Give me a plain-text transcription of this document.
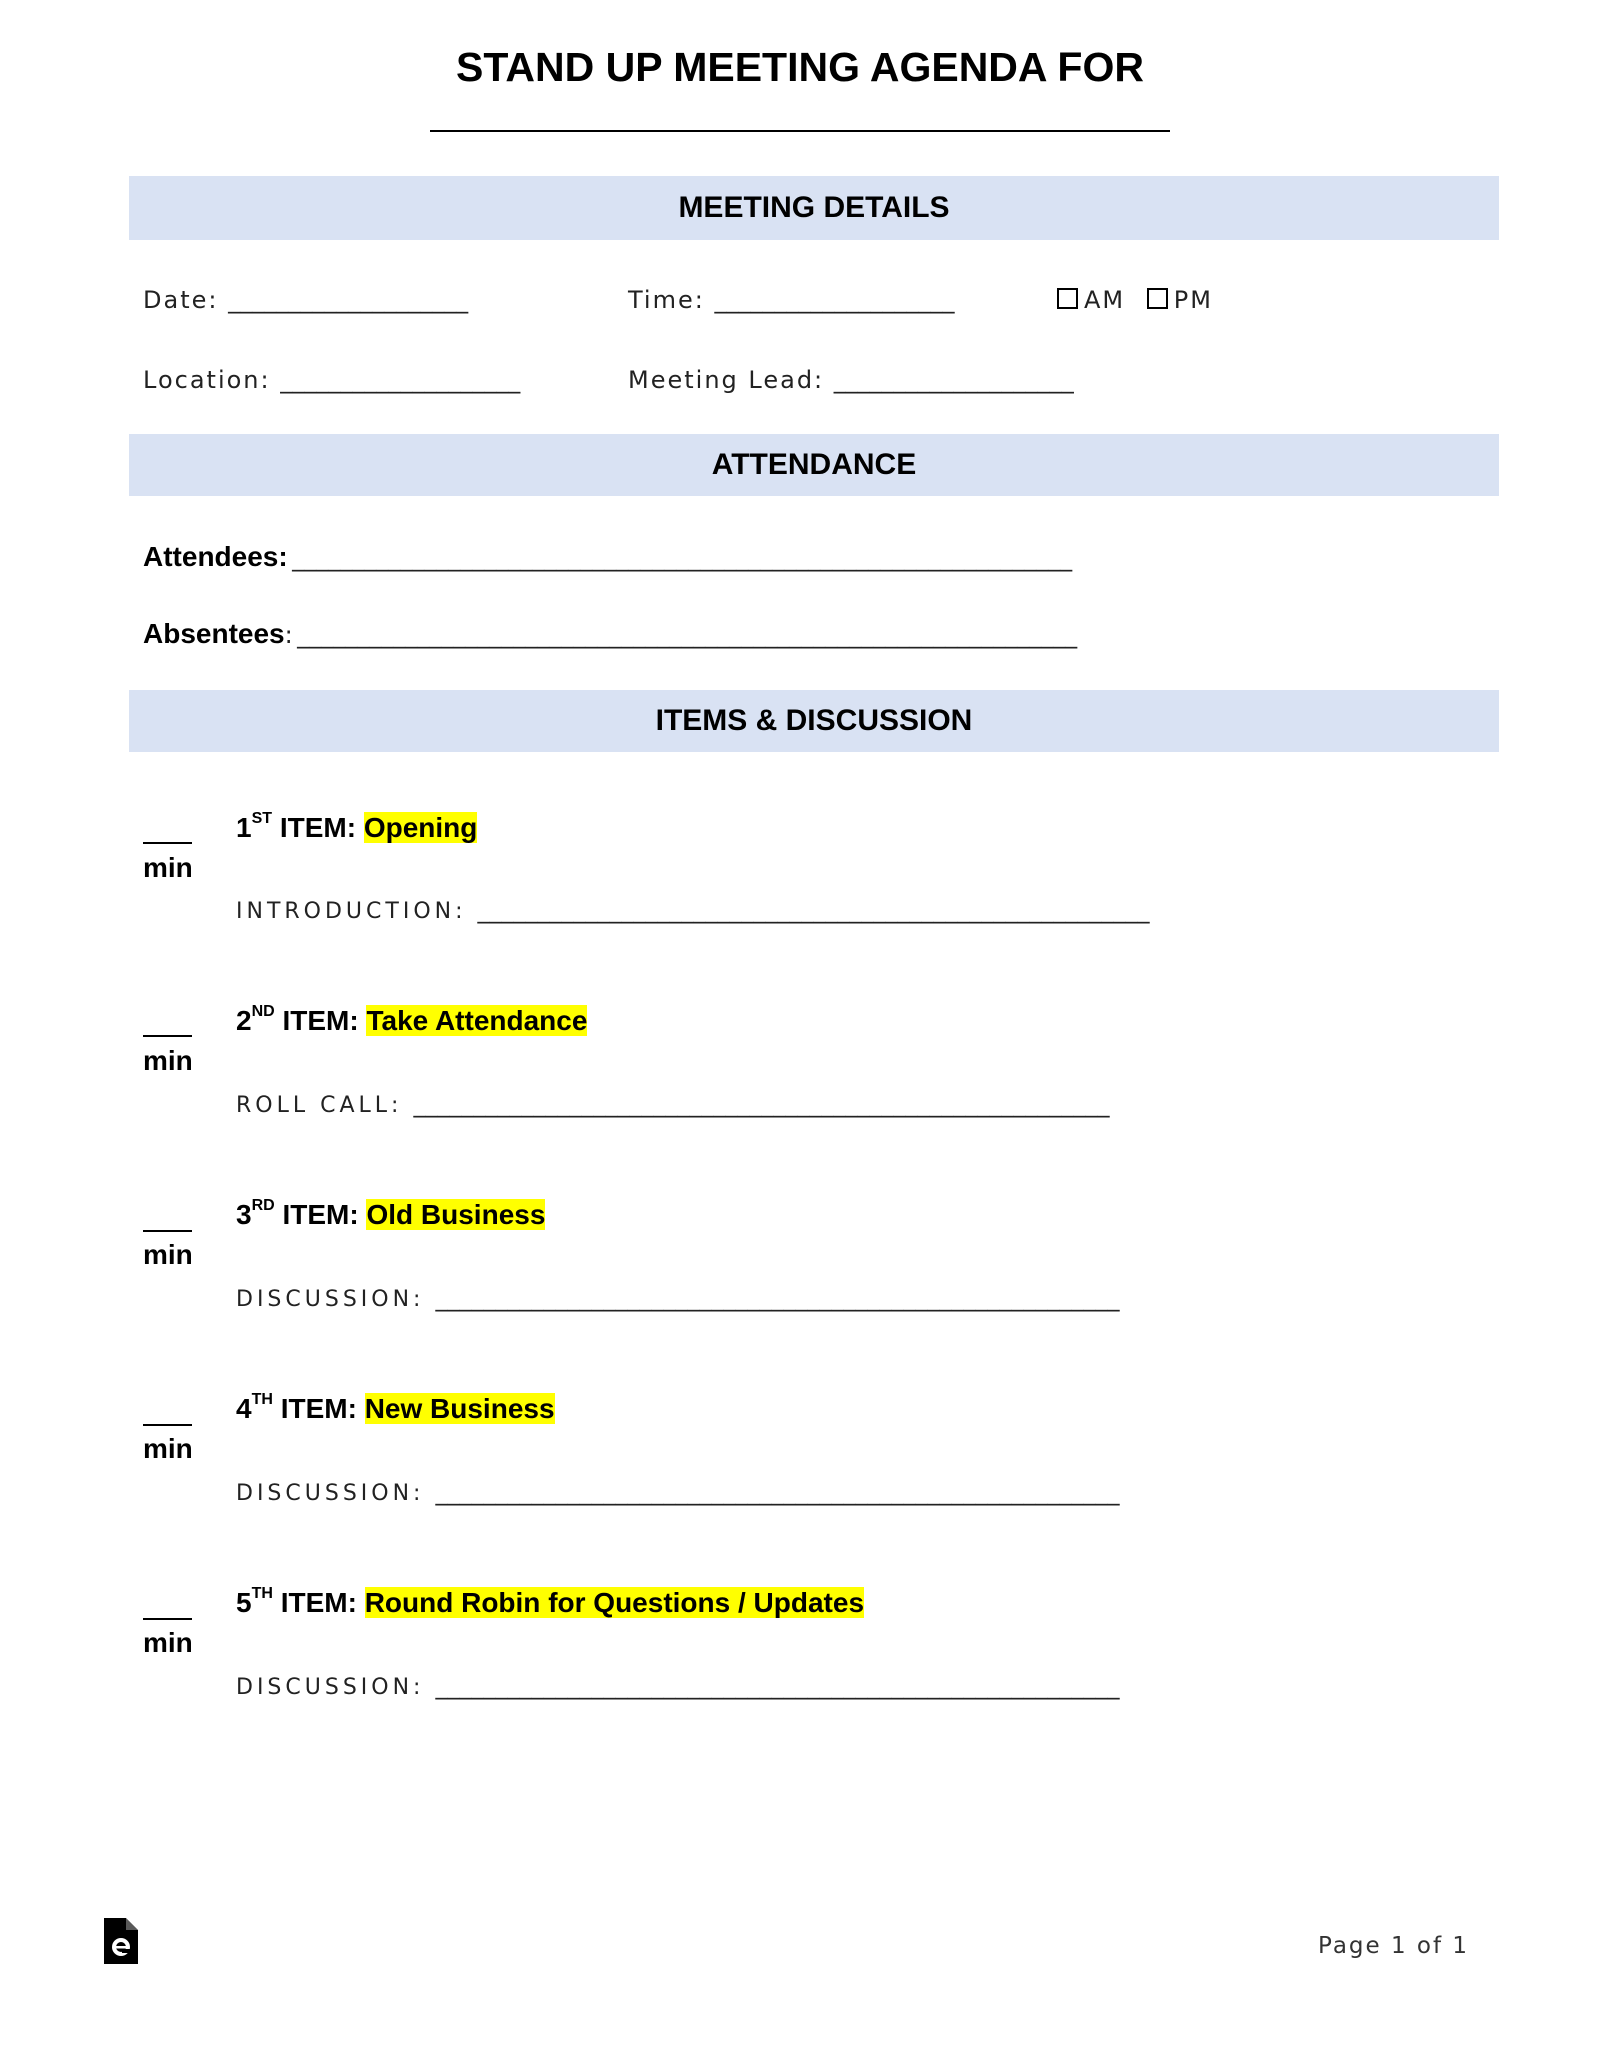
STAND UP MEETING AGENDA FOR
MEETING DETAILS
Date: ____________________	Time: ____________________	AM PM
Location: ____________________	Meeting Lead: ____________________
ATTENDANCE
Attendees: _________________________________________________________________
Absentees: _________________________________________________________________
ITEMS & DISCUSSION
min
1ST ITEM: Opening
INTRODUCTION: ________________________________________________________
min
2ND ITEM: Take Attendance
ROLL CALL: __________________________________________________________
min
3RD ITEM: Old Business
DISCUSSION: _________________________________________________________
min
4TH ITEM: New Business
DISCUSSION: _________________________________________________________
min
5TH ITEM: Round Robin for Questions / Updates
DISCUSSION: _________________________________________________________
Page 1 of 1
